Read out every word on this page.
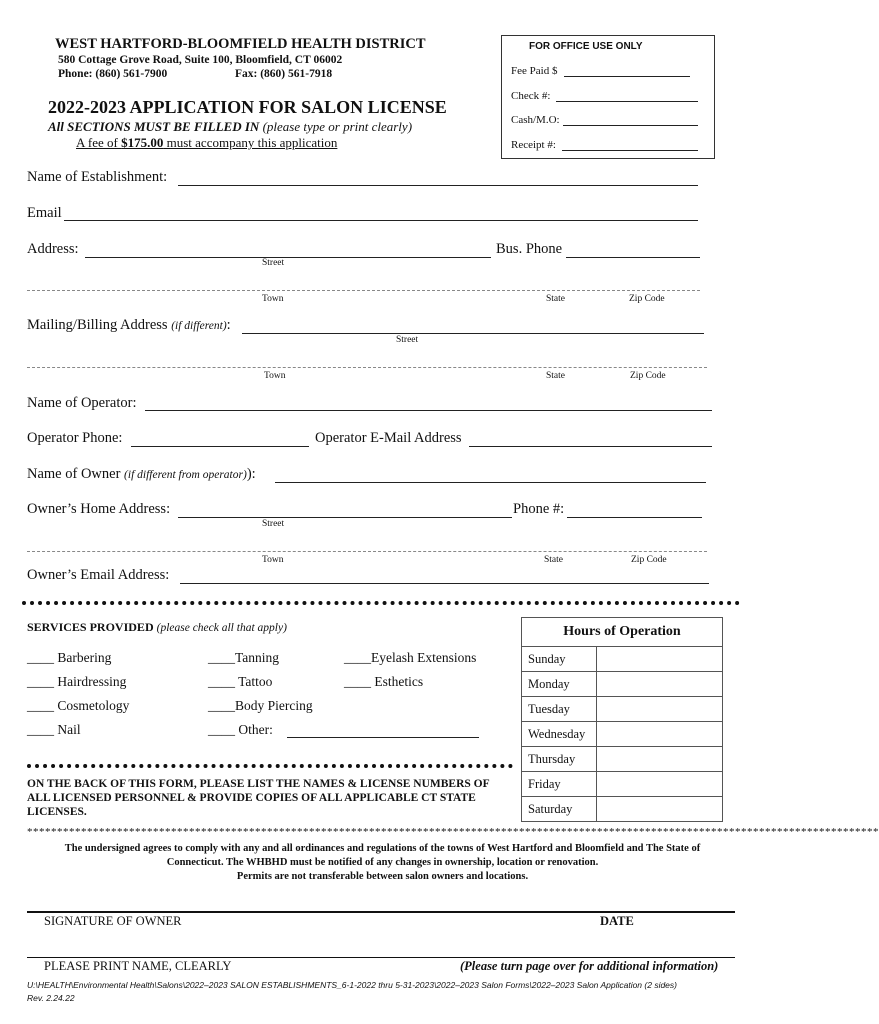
WEST HARTFORD-BLOOMFIELD HEALTH DISTRICT
580 Cottage Grove Road, Suite 100, Bloomfield, CT 06002
Phone: (860) 561-7900	Fax: (860) 561-7918
2022-2023 APPLICATION FOR SALON LICENSE
All SECTIONS MUST BE FILLED IN (please type or print clearly)
A fee of $175.00 must accompany this application
FOR OFFICE USE ONLY
Fee Paid $
Check #:
Cash/M.O:
Receipt #:
Name of Establishment:
Email
Address:	Bus. Phone
Street
Town	State	Zip Code
Mailing/Billing Address (if different):
Street
Town	State	Zip Code
Name of Operator:
Operator Phone:	Operator E-Mail Address
Name of Owner (if different from operator)):
Owner’s Home Address:	Phone #:
Street
Town	State	Zip Code
Owner’s Email Address:
SERVICES PROVIDED (please check all that apply)
____ Barbering
____ Hairdressing
____ Cosmetology
____ Nail
____Tanning
____ Tattoo
____Body Piercing
____ Other:
____Eyelash Extensions
____ Esthetics
Hours of Operation	
Sunday	
Monday	
Tuesday	
Wednesday	
Thursday	
Friday	
Saturday	
ON THE BACK OF THIS FORM, PLEASE LIST THE NAMES & LICENSE NUMBERS OF ALL LICENSED PERSONNEL & PROVIDE COPIES OF ALL APPLICABLE CT STATE LICENSES.
**********************************************************************************************************************************************
The undersigned agrees to comply with any and all ordinances and regulations of the towns of West Hartford and Bloomfield and The State of
Connecticut. The WHBHD must be notified of any changes in ownership, location or renovation.
Permits are not transferable between salon owners and locations.
SIGNATURE OF OWNER	DATE
PLEASE PRINT NAME, CLEARLY	(Please turn page over for additional information)
U:\HEALTH\Environmental Health\Salons\2022–2023 SALON ESTABLISHMENTS_6-1-2022 thru 5-31-2023\2022–2023 Salon Forms\2022–2023 Salon Application (2 sides)
Rev. 2.24.22
